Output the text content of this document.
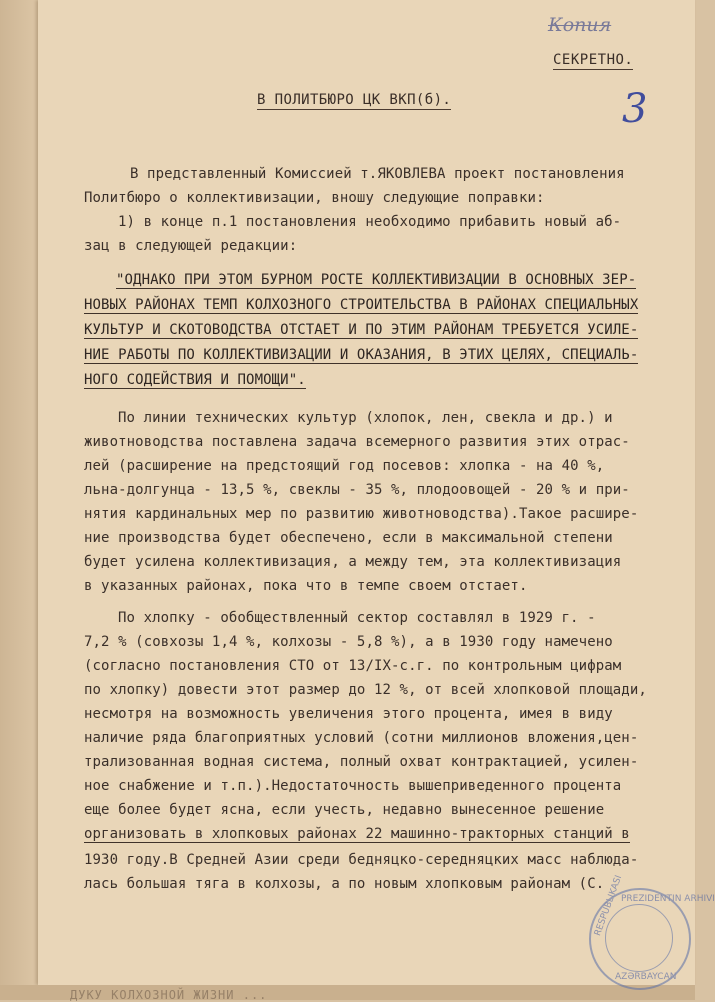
ДУКУ КОЛХОЗНОЙ ЖИЗНИ ...
Копия
СЕКРЕТНО.
3
В ПОЛИТБЮРО ЦК ВКП(б).
В представленный Комиссией т.ЯКОВЛЕВА проект постановления
Политбюро о коллективизации, вношу следующие поправки:
1) в конце п.1 постановления необходимо прибавить новый аб-
зац в следующей редакции:
"ОДНАКО ПРИ ЭТОМ БУРНОМ РОСТЕ КОЛЛЕКТИВИЗАЦИИ В ОСНОВНЫХ ЗЕР-
НОВЫХ РАЙОНАХ ТЕМП КОЛХОЗНОГО СТРОИТЕЛЬСТВА В РАЙОНАХ СПЕЦИАЛЬНЫХ
КУЛЬТУР И СКОТОВОДСТВА ОТСТАЕТ И ПО ЭТИМ РАЙОНАМ ТРЕБУЕТСЯ УСИЛЕ-
НИЕ РАБОТЫ ПО КОЛЛЕКТИВИЗАЦИИ И ОКАЗАНИЯ, В ЭТИХ ЦЕЛЯХ, СПЕЦИАЛЬ-
НОГО СОДЕЙСТВИЯ И ПОМОЩИ".
По линии технических культур (хлопок, лен, свекла и др.) и
животноводства поставлена задача всемерного развития этих отрас-
лей (расширение на предстоящий год посевов: хлопка - на 40 %,
льна-долгунца - 13,5 %, свеклы - 35 %, плодоовощей - 20 % и при-
нятия кардинальных мер по развитию животноводства).Такое расшире-
ние производства будет обеспечено, если в максимальной степени
будет усилена коллективизация, а между тем, эта коллективизация
в указанных районах, пока что в темпе своем отстает.
По хлопку - обобществленный сектор составлял в 1929 г. -
7,2 % (совхозы 1,4 %, колхозы - 5,8 %), а в 1930 году намечено
(согласно постановления СТО от 13/IX-с.г. по контрольным цифрам
по хлопку) довести этот размер до 12 %, от всей хлопковой площади,
несмотря на возможность увеличения этого процента, имея в виду
наличие ряда благоприятных условий (сотни миллионов вложения,цен-
трализованная водная система, полный охват контрактацией, усилен-
ное снабжение и т.п.).Недостаточность вышеприведенного процента
еще более будет ясна, если учесть, недавно вынесенное решение
организовать в хлопковых районах 22 машинно-тракторных станций в
1930 году.В Средней Азии среди бедняцко-середняцких масс наблюда-
лась большая тяга в колхозы, а по новым хлопковым районам (С.
PREZIDENTIN ARHIVI
RESPUBLIKASI
AZƏRBAYCAN
